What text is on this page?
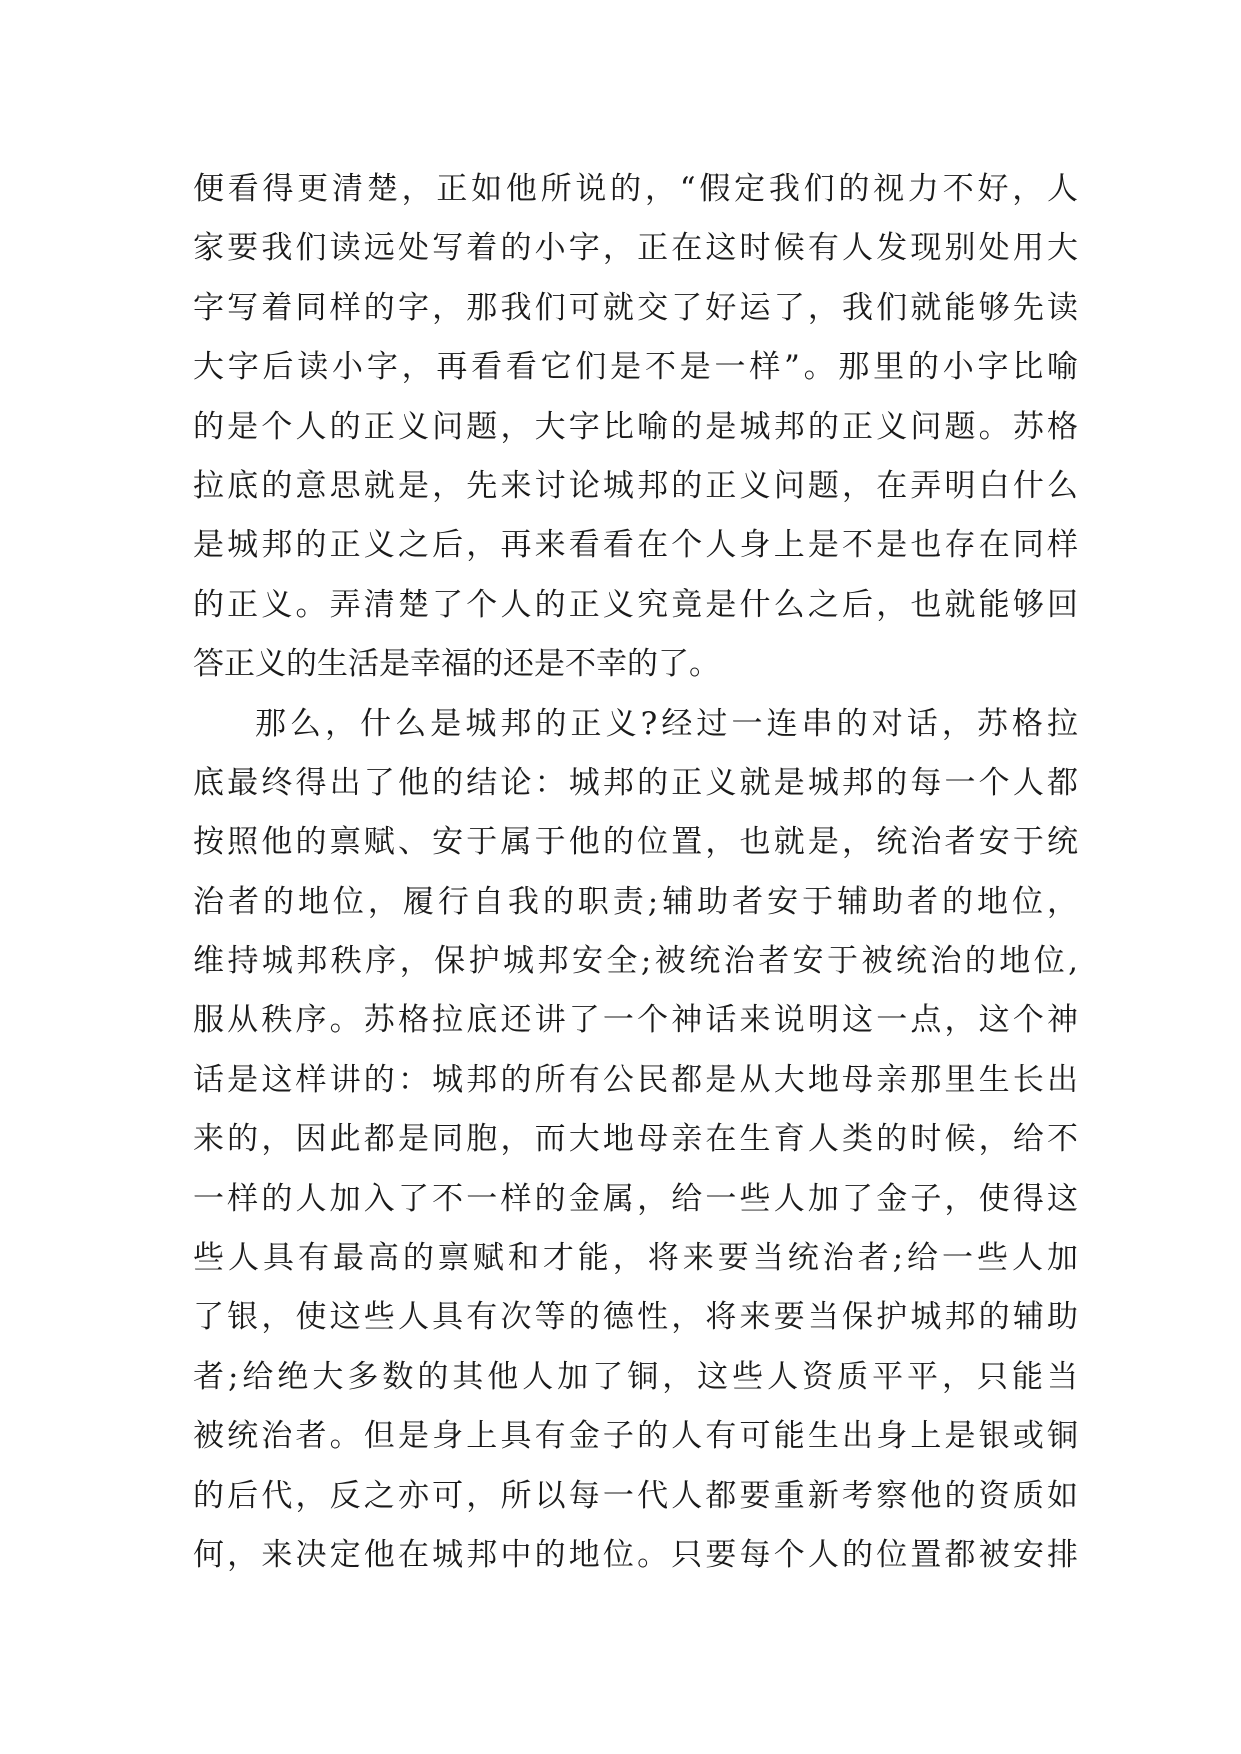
便看得更清楚，正如他所说的，“假定我们的视力不好，人
家要我们读远处写着的小字，正在这时候有人发现别处用大
字写着同样的字，那我们可就交了好运了，我们就能够先读
大字后读小字，再看看它们是不是一样”。那里的小字比喻
的是个人的正义问题，大字比喻的是城邦的正义问题。苏格
拉底的意思就是，先来讨论城邦的正义问题，在弄明白什么
是城邦的正义之后，再来看看在个人身上是不是也存在同样
的正义。弄清楚了个人的正义究竟是什么之后，也就能够回
答正义的生活是幸福的还是不幸的了。
那么，什么是城邦的正义?经过一连串的对话，苏格拉
底最终得出了他的结论：城邦的正义就是城邦的每一个人都
按照他的禀赋、安于属于他的位置，也就是，统治者安于统
治者的地位，履行自我的职责;辅助者安于辅助者的地位，
维持城邦秩序，保护城邦安全;被统治者安于被统治的地位,
服从秩序。苏格拉底还讲了一个神话来说明这一点，这个神
话是这样讲的：城邦的所有公民都是从大地母亲那里生长出
来的，因此都是同胞，而大地母亲在生育人类的时候，给不
一样的人加入了不一样的金属，给一些人加了金子，使得这
些人具有最高的禀赋和才能，将来要当统治者;给一些人加
了银，使这些人具有次等的德性，将来要当保护城邦的辅助
者;给绝大多数的其他人加了铜，这些人资质平平，只能当
被统治者。但是身上具有金子的人有可能生出身上是银或铜
的后代，反之亦可，所以每一代人都要重新考察他的资质如
何，来决定他在城邦中的地位。只要每个人的位置都被安排
